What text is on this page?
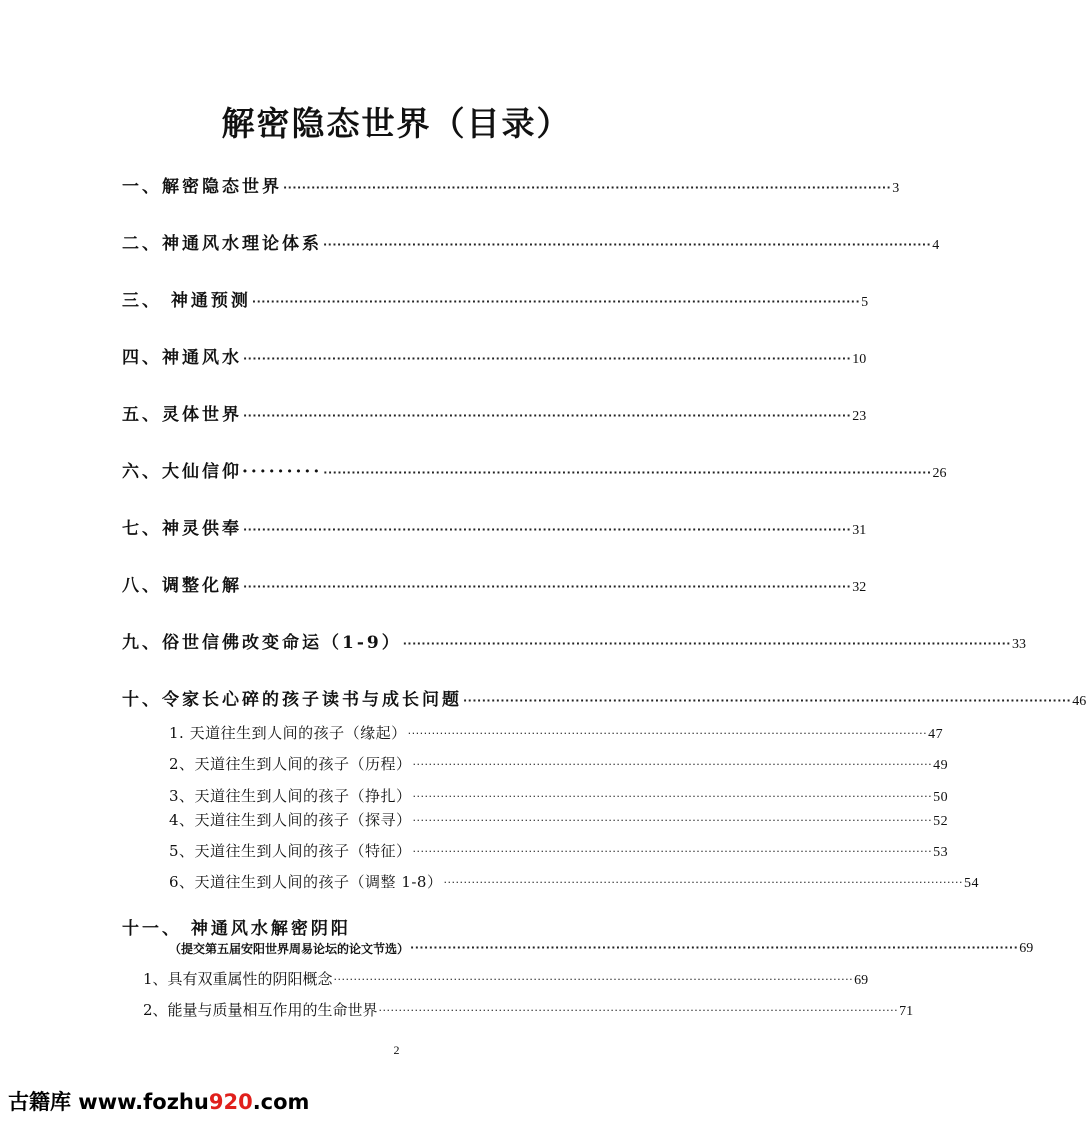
解密隐态世界（目录）
一、解密隐态世界 ·································································································································· 3
二、神通风水理论体系 ·································································································································· 4
三、 神通预测 ·································································································································· 5
四、神通风水 ·································································································································· 10
五、灵体世界 ·································································································································· 23
六、大仙信仰········· ·································································································································· 26
七、神灵供奉 ·································································································································· 31
八、调整化解 ·································································································································· 32
九、俗世信佛改变命运（1-9） ·································································································································· 33
十、令家长心碎的孩子读书与成长问题 ·································································································································· 46
1. 天道往生到人间的孩子（缘起） ·································································································································· 47
2、天道往生到人间的孩子（历程） ·································································································································· 49
3、天道往生到人间的孩子（挣扎） ·································································································································· 50
4、天道往生到人间的孩子（探寻） ·································································································································· 52
5、天道往生到人间的孩子（特征） ·································································································································· 53
6、天道往生到人间的孩子（调整 1-8） ·································································································································· 54
十一、 神通风水解密阴阳
（提交第五届安阳世界周易论坛的论文节选） ·································································································································· 69
1、具有双重属性的阴阳概念 ·································································································································· 69
2、能量与质量相互作用的生命世界 ·································································································································· 71
2
古籍库 www.fozhu920.com
